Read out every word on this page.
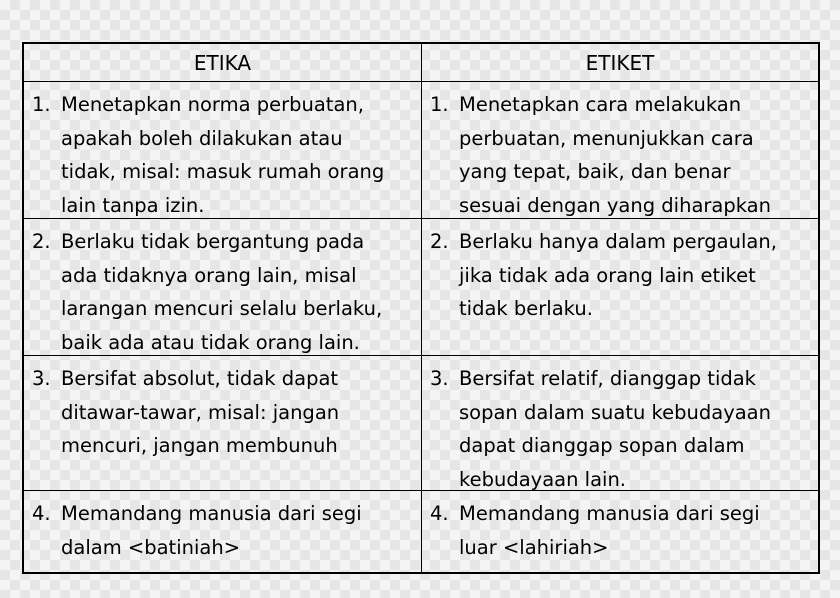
ETIKA	ETIKET
1. Menetapkan norma perbuatan,
apakah boleh dilakukan atau
tidak, misal: masuk rumah orang
lain tanpa izin.
1. Menetapkan cara melakukan
perbuatan, menunjukkan cara
yang tepat, baik, dan benar
sesuai dengan yang diharapkan
2. Berlaku tidak bergantung pada
ada tidaknya orang lain, misal
larangan mencuri selalu berlaku,
baik ada atau tidak orang lain.
2. Berlaku hanya dalam pergaulan,
jika tidak ada orang lain etiket
tidak berlaku.
3. Bersifat absolut, tidak dapat
ditawar-tawar, misal: jangan
mencuri, jangan membunuh
3. Bersifat relatif, dianggap tidak
sopan dalam suatu kebudayaan
dapat dianggap sopan dalam
kebudayaan lain.
4. Memandang manusia dari segi
dalam <batiniah>
4. Memandang manusia dari segi
luar <lahiriah>
